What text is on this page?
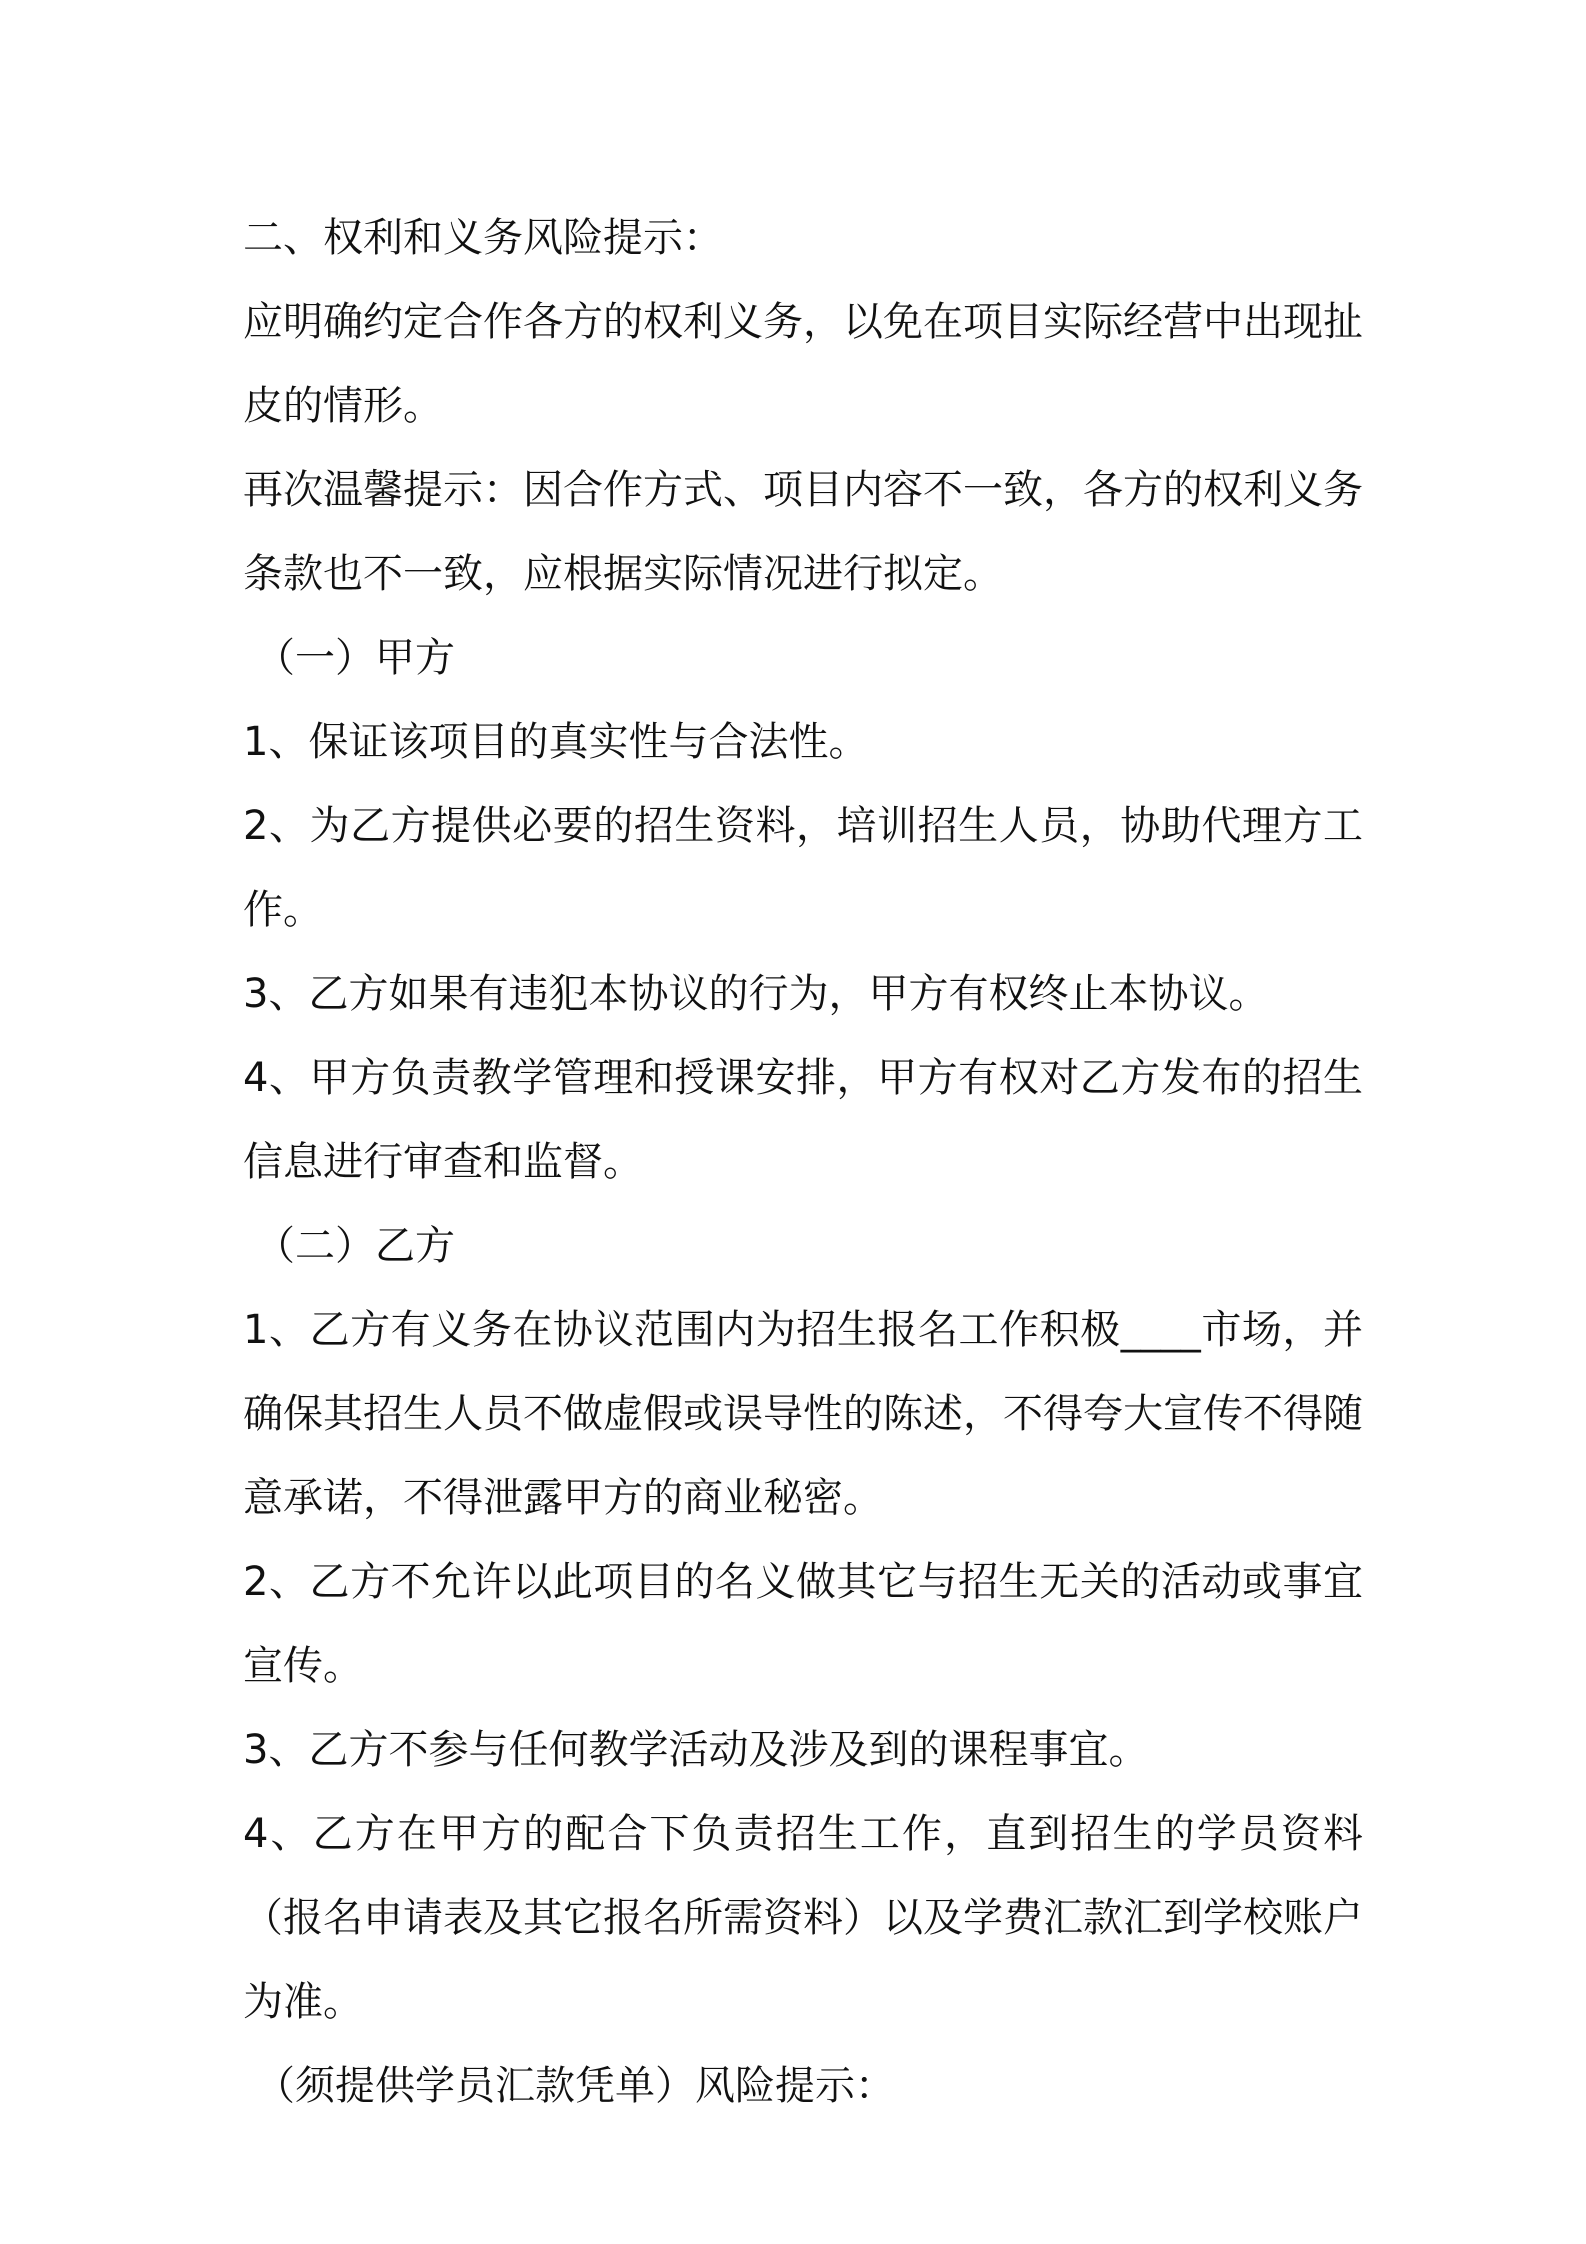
二、权利和义务风险提示：

应明确约定合作各方的权利义务，以免在项目实际经营中出现扯皮的情形。

再次温馨提示：因合作方式、项目内容不一致，各方的权利义务条款也不一致，应根据实际情况进行拟定。

（一）甲方

1、保证该项目的真实性与合法性。

2、为乙方提供必要的招生资料，培训招生人员，协助代理方工作。

3、乙方如果有违犯本协议的行为，甲方有权终止本协议。

4、甲方负责教学管理和授课安排，甲方有权对乙方发布的招生信息进行审查和监督。

（二）乙方

1、乙方有义务在协议范围内为招生报名工作积极____市场，并确保其招生人员不做虚假或误导性的陈述，不得夸大宣传不得随意承诺，不得泄露甲方的商业秘密。

2、乙方不允许以此项目的名义做其它与招生无关的活动或事宜宣传。

3、乙方不参与任何教学活动及涉及到的课程事宜。

4、乙方在甲方的配合下负责招生工作，直到招生的学员资料（报名申请表及其它报名所需资料）以及学费汇款汇到学校账户为准。

（须提供学员汇款凭单）风险提示：
